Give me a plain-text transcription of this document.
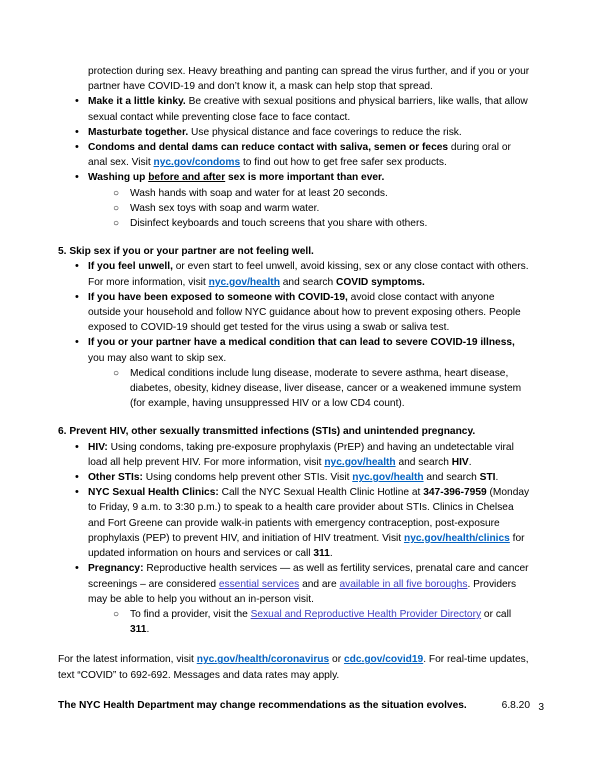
protection during sex. Heavy breathing and panting can spread the virus further, and if you or your partner have COVID-19 and don’t know it, a mask can help stop that spread.
• Make it a little kinky. Be creative with sexual positions and physical barriers, like walls, that allow sexual contact while preventing close face to face contact.
• Masturbate together. Use physical distance and face coverings to reduce the risk.
• Condoms and dental dams can reduce contact with saliva, semen or feces during oral or anal sex. Visit nyc.gov/condoms to find out how to get free safer sex products.
• Washing up before and after sex is more important than ever.
○	Wash hands with soap and water for at least 20 seconds.
○	Wash sex toys with soap and warm water.
○	Disinfect keyboards and touch screens that you share with others.
5. Skip sex if you or your partner are not feeling well.
• If you feel unwell, or even start to feel unwell, avoid kissing, sex or any close contact with others. For more information, visit nyc.gov/health and search COVID symptoms.
• If you have been exposed to someone with COVID-19, avoid close contact with anyone outside your household and follow NYC guidance about how to prevent exposing others. People exposed to COVID-19 should get tested for the virus using a swab or saliva test.
• If you or your partner have a medical condition that can lead to severe COVID-19 illness, you may also want to skip sex.
○	Medical conditions include lung disease, moderate to severe asthma, heart disease, diabetes, obesity, kidney disease, liver disease, cancer or a weakened immune system (for example, having unsuppressed HIV or a low CD4 count).
6. Prevent HIV, other sexually transmitted infections (STIs) and unintended pregnancy.
• HIV: Using condoms, taking pre-exposure prophylaxis (PrEP) and having an undetectable viral load all help prevent HIV. For more information, visit nyc.gov/health and search HIV.
• Other STIs: Using condoms help prevent other STIs. Visit nyc.gov/health and search STI.
• NYC Sexual Health Clinics: Call the NYC Sexual Health Clinic Hotline at 347-396-7959 (Monday to Friday, 9 a.m. to 3:30 p.m.) to speak to a health care provider about STIs. Clinics in Chelsea and Fort Greene can provide walk-in patients with emergency contraception, post-exposure prophylaxis (PEP) to prevent HIV, and initiation of HIV treatment. Visit nyc.gov/health/clinics for updated information on hours and services or call 311.
• Pregnancy: Reproductive health services — as well as fertility services, prenatal care and cancer screenings – are considered essential services and are available in all five boroughs. Providers may be able to help you without an in-person visit.
○	To find a provider, visit the Sexual and Reproductive Health Provider Directory or call 311.
For the latest information, visit nyc.gov/health/coronavirus or cdc.gov/covid19. For real-time updates, text “COVID” to 692-692. Messages and data rates may apply.
The NYC Health Department may change recommendations as the situation evolves.	6.8.20 3
